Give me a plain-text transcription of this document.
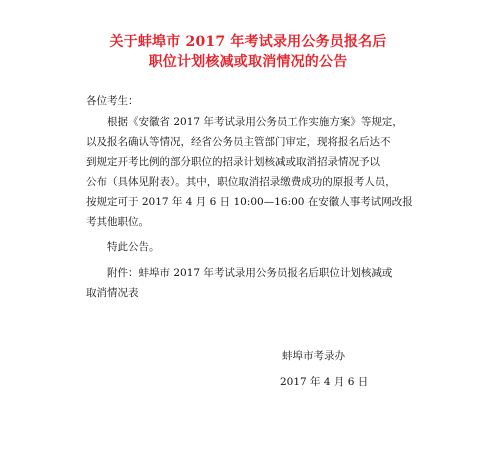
关于蚌埠市 2017 年考试录用公务员报名后
职位计划核减或取消情况的公告
各位考生：
根据《安徽省 2017 年考试录用公务员工作实施方案》等规定，
以及报名确认等情况，经省公务员主管部门审定，现将报名后达不
到规定开考比例的部分职位的招录计划核减或取消招录情况予以
公布（具体见附表）。其中，职位取消招录缴费成功的原报考人员，
按规定可于 2017 年 4 月 6 日 10:00—16:00 在安徽人事考试网改报
考其他职位。
特此公告。
附件：蚌埠市 2017 年考试录用公务员报名后职位计划核减或
取消情况表
蚌埠市考录办
2017 年 4 月 6 日
